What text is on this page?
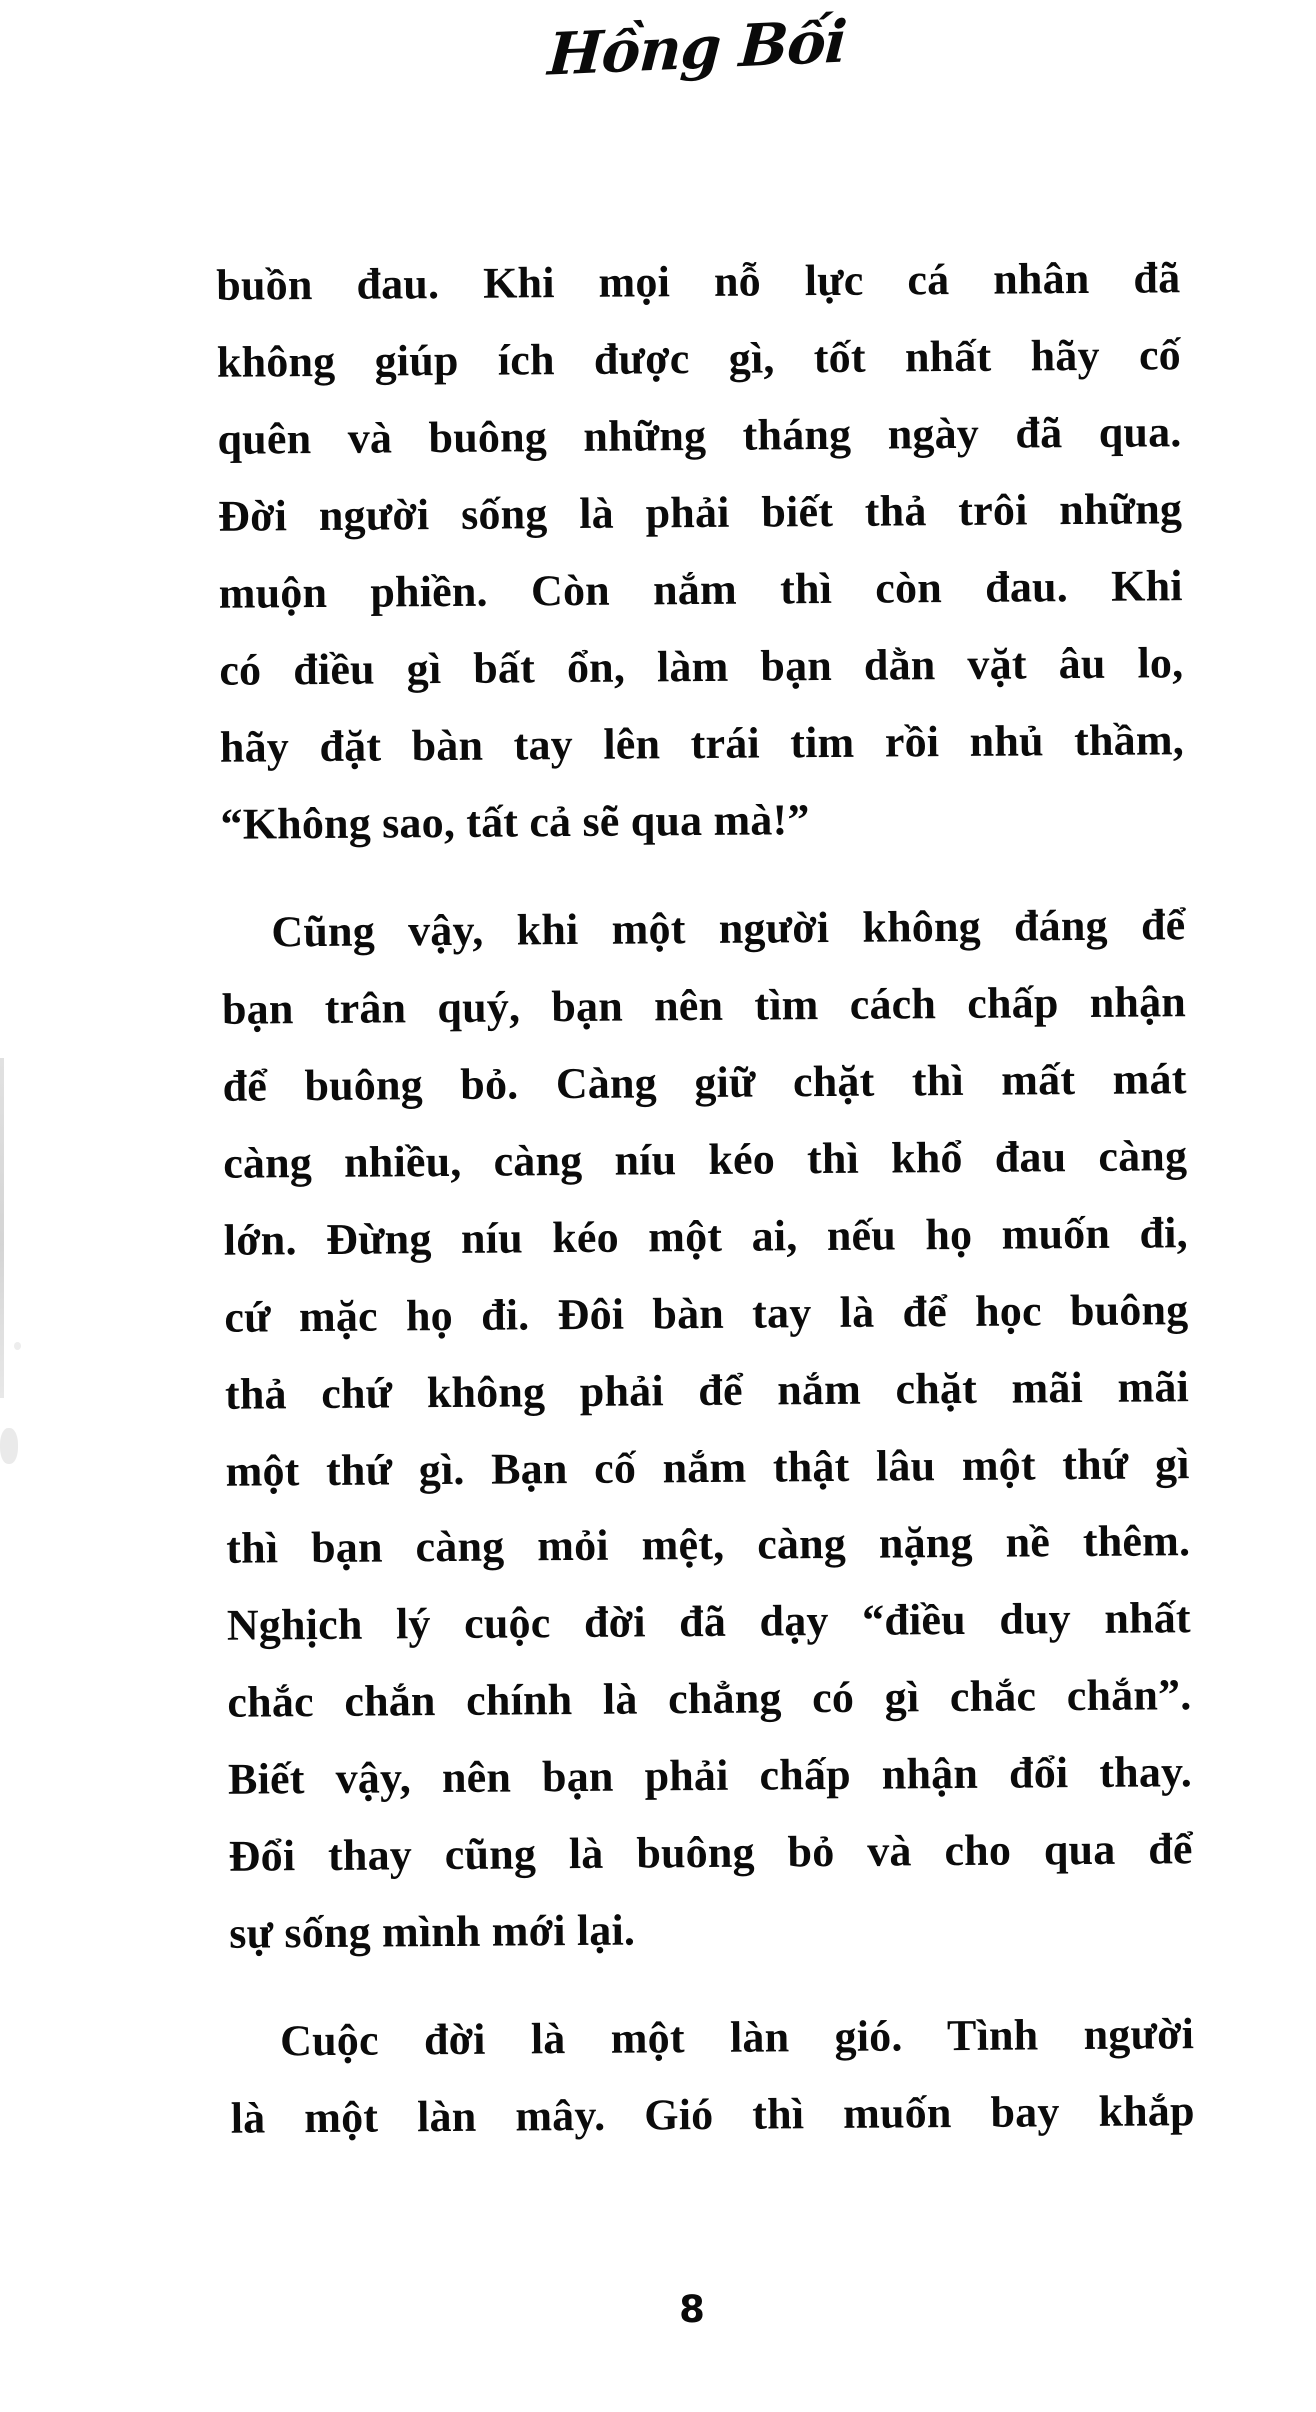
Hồng Bối
buồn đau. Khi mọi nỗ lực cá nhân đã
không giúp ích được gì, tốt nhất hãy cố
quên và buông những tháng ngày đã qua.
Đời người sống là phải biết thả trôi những
muộn phiền. Còn nắm thì còn đau. Khi
có điều gì bất ổn, làm bạn dằn vặt âu lo,
hãy đặt bàn tay lên trái tim rồi nhủ thầm,
“Không sao, tất cả sẽ qua mà!”
Cũng vậy, khi một người không đáng để
bạn trân quý, bạn nên tìm cách chấp nhận
để buông bỏ. Càng giữ chặt thì mất mát
càng nhiều, càng níu kéo thì khổ đau càng
lớn. Đừng níu kéo một ai, nếu họ muốn đi,
cứ mặc họ đi. Đôi bàn tay là để học buông
thả chứ không phải để nắm chặt mãi mãi
một thứ gì. Bạn cố nắm thật lâu một thứ gì
thì bạn càng mỏi mệt, càng nặng nề thêm.
Nghịch lý cuộc đời đã dạy “điều duy nhất
chắc chắn chính là chẳng có gì chắc chắn”.
Biết vậy, nên bạn phải chấp nhận đổi thay.
Đổi thay cũng là buông bỏ và cho qua để
sự sống mình mới lại.
Cuộc đời là một làn gió. Tình người
là một làn mây. Gió thì muốn bay khắp
8
